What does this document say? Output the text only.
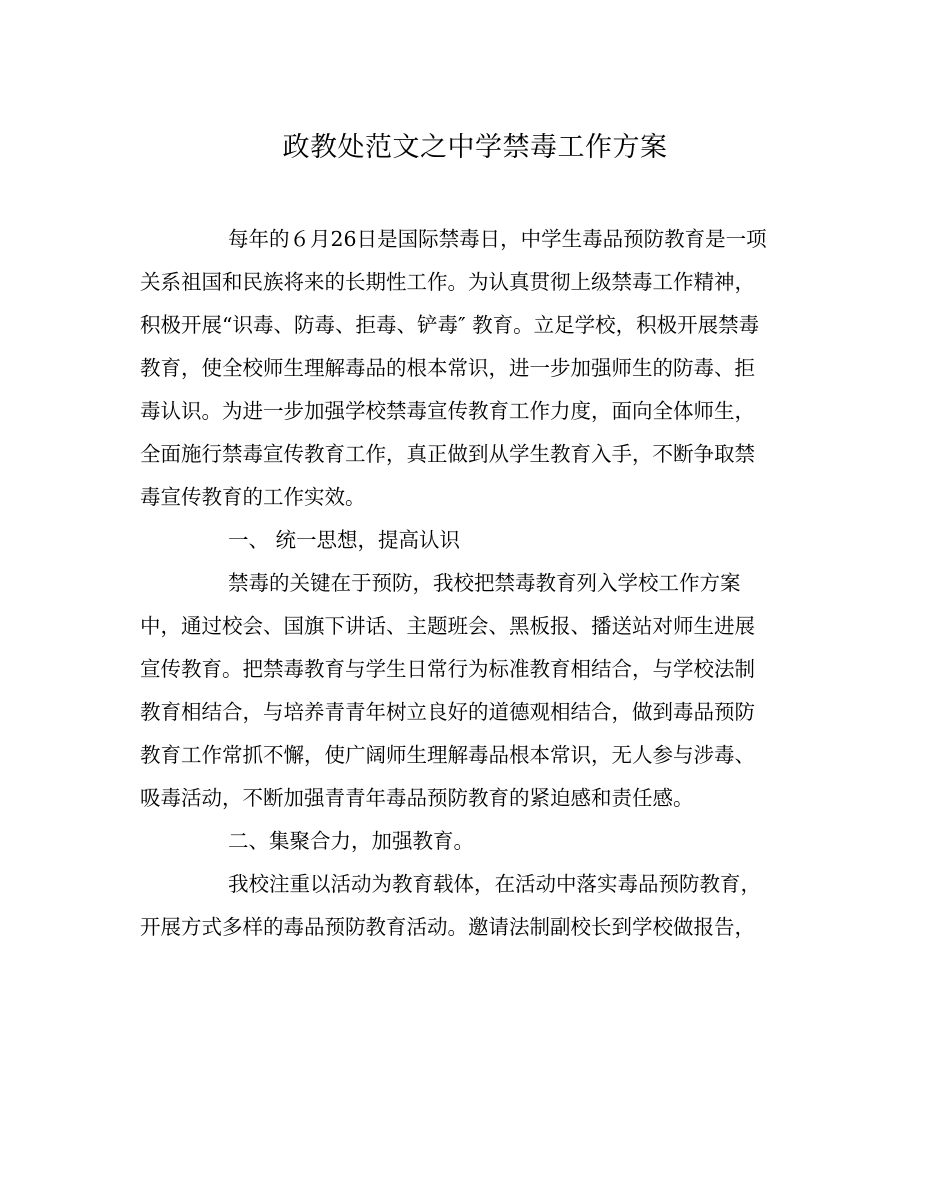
政教处范文之中学禁毒工作方案
每年的６月26日是国际禁毒日，中学生毒品预防教育是一项
关系祖国和民族将来的长期性工作。为认真贯彻上级禁毒工作精神，
积极开展“识毒、防毒、拒毒、铲毒″ 教育。立足学校，积极开展禁毒
教育，使全校师生理解毒品的根本常识，进一步加强师生的防毒、拒
毒认识。为进一步加强学校禁毒宣传教育工作力度，面向全体师生，
全面施行禁毒宣传教育工作，真正做到从学生教育入手，不断争取禁
毒宣传教育的工作实效。
一、 统一思想，提高认识
禁毒的关键在于预防，我校把禁毒教育列入学校工作方案
中，通过校会、国旗下讲话、主题班会、黑板报、播送站对师生进展
宣传教育。把禁毒教育与学生日常行为标准教育相结合，与学校法制
教育相结合，与培养青青年树立良好的道德观相结合，做到毒品预防
教育工作常抓不懈，使广阔师生理解毒品根本常识，无人参与涉毒、
吸毒活动，不断加强青青年毒品预防教育的紧迫感和责任感。
二、集聚合力，加强教育。
我校注重以活动为教育载体，在活动中落实毒品预防教育，
开展方式多样的毒品预防教育活动。邀请法制副校长到学校做报告，
